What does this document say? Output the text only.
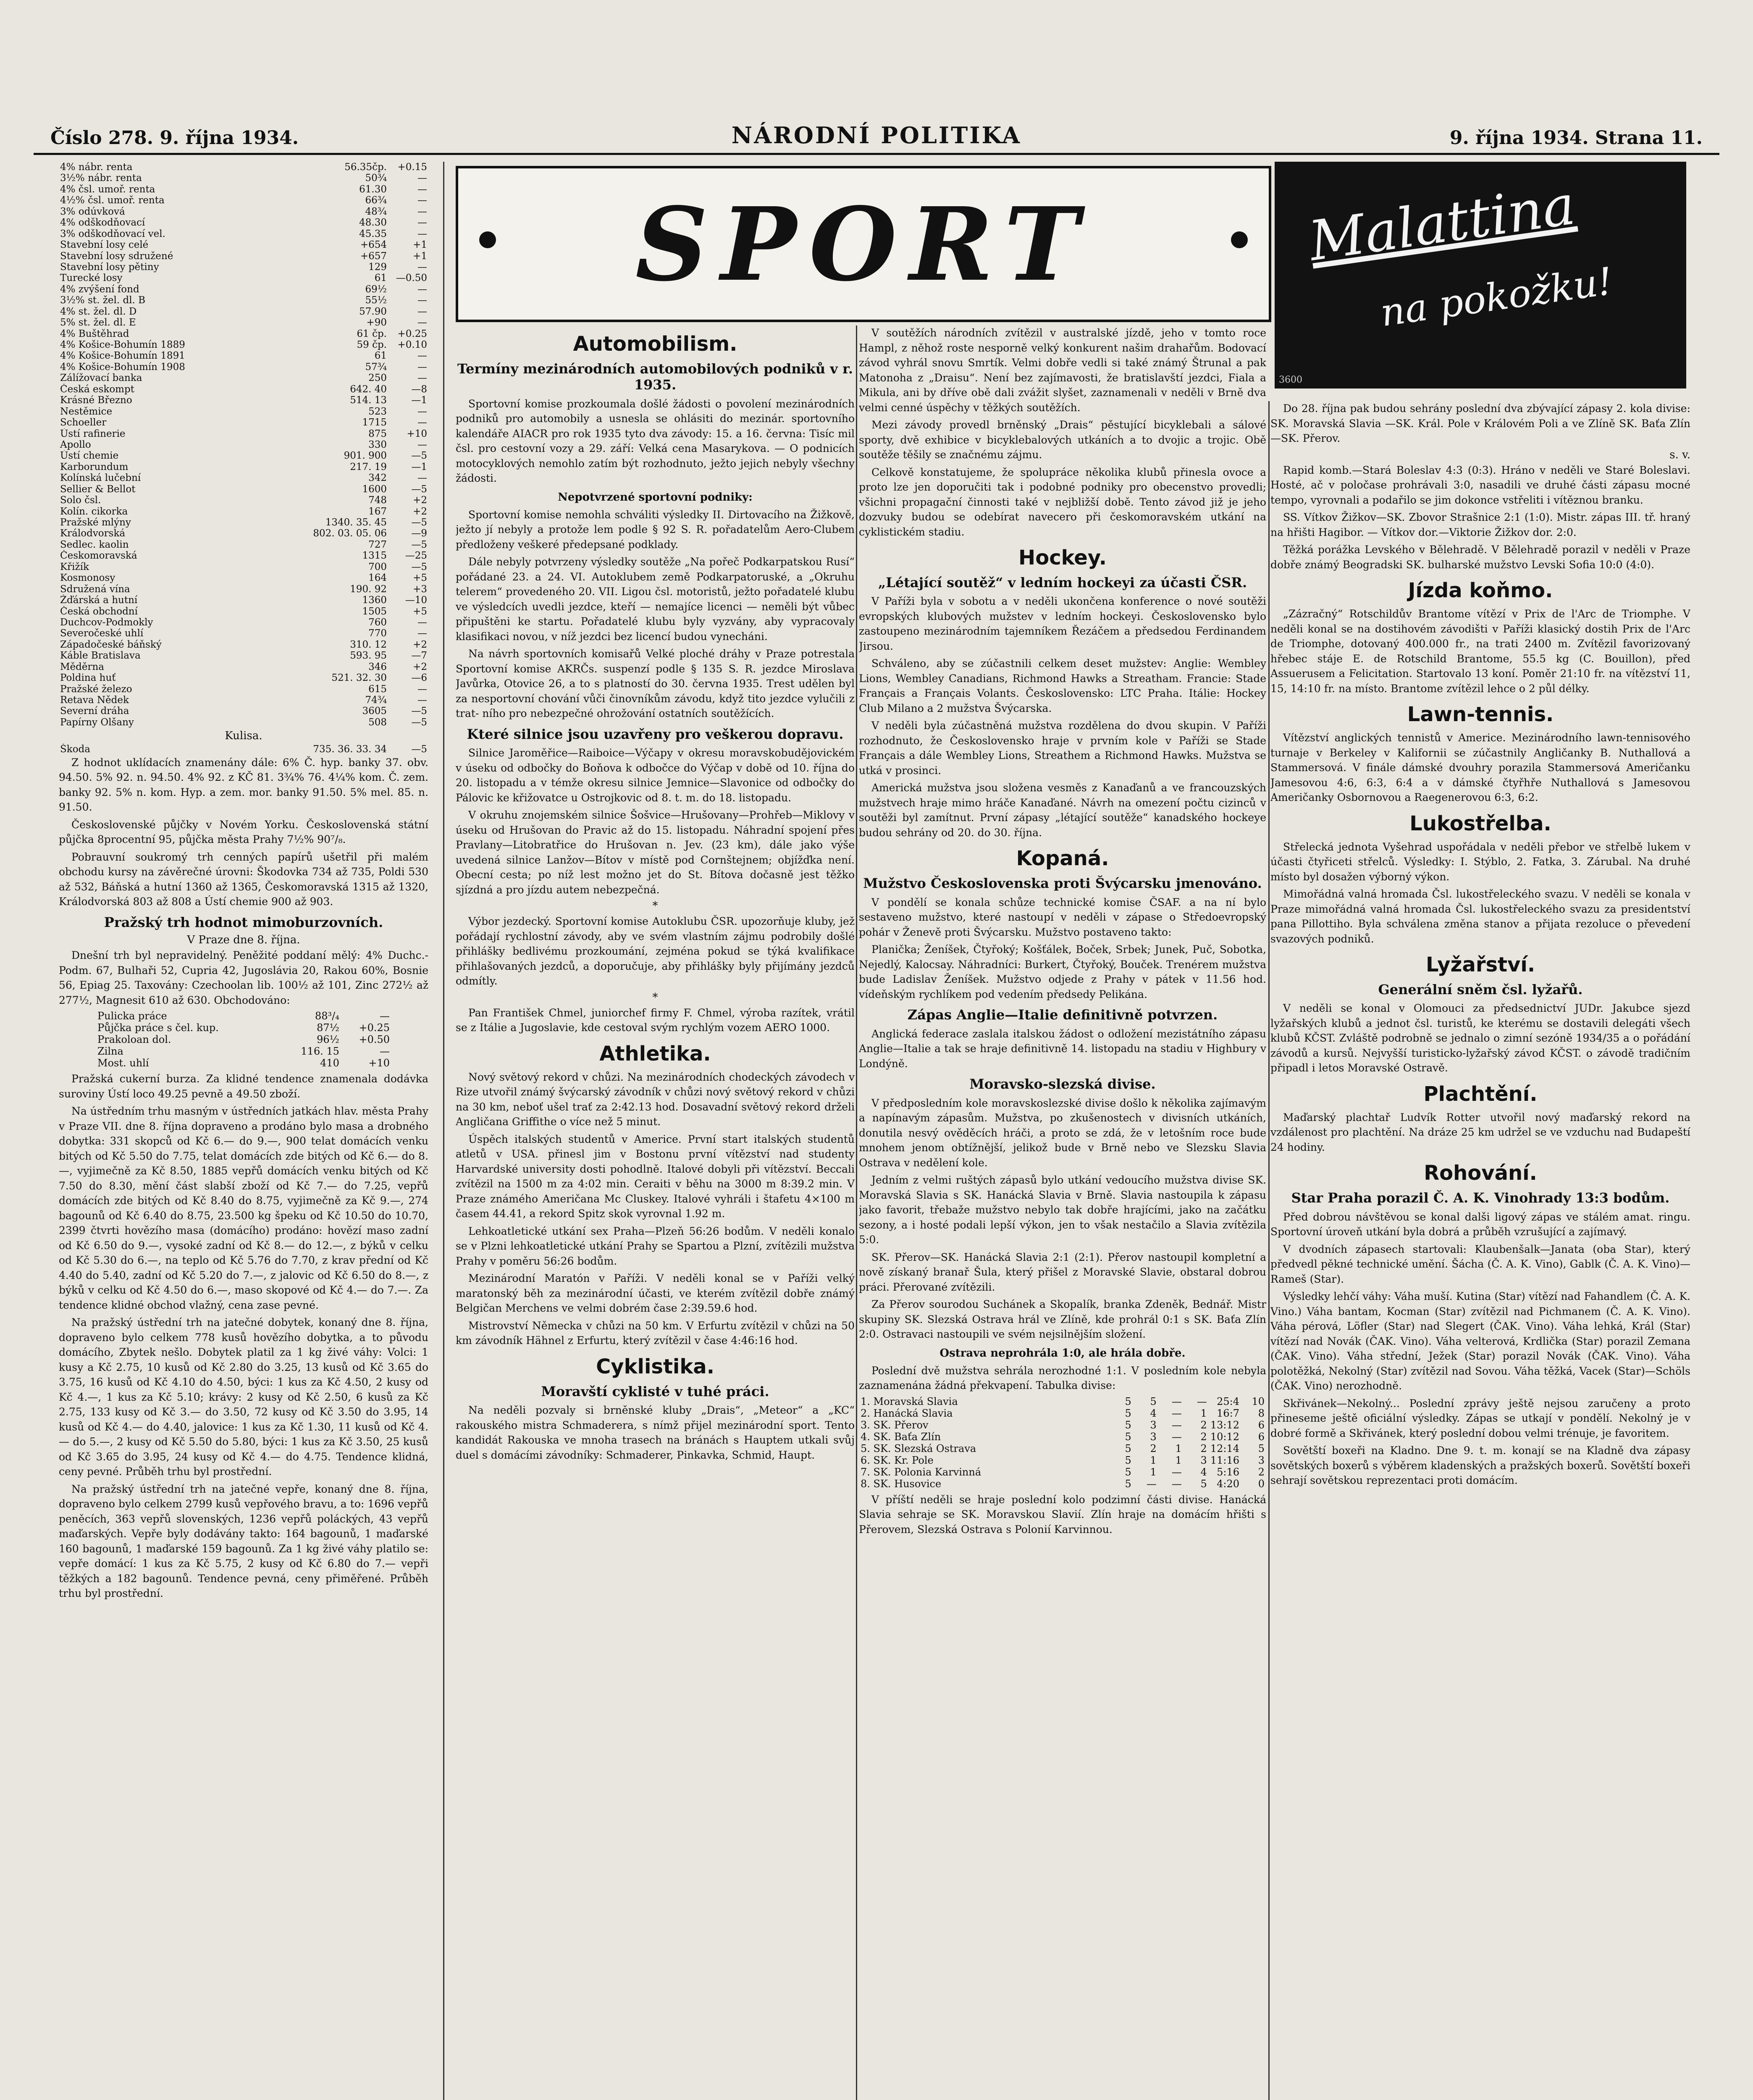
Číslo 278. 9. října 1934.	NÁRODNÍ POLITIKA	9. října 1934. Strana 11.
4% nábr. renta	56.35čp.	+0.15
3½% nábr. renta	50¾	—
4% čsl. umoř. renta	61.30	—
4½% čsl. umoř. renta	66¾	—
3% odúvková	48¾	—
4% odškodňovací	48.30	—
3% odškodňovací vel.	45.35	—
Stavební losy celé	+654	+1
Stavební losy sdružené	+657	+1
Stavební losy pětiny	129	—
Turecké losy	61	—0.50
4% zvýšení fond	69½	—
3½% st. žel. dl. B	55½	—
4% st. žel. dl. D	57.90	—
5% st. žel. dl. E	+90	—
4% Buštěhrad	61 čp.	+0.25
4% Košice-Bohumín 1889	59 čp.	+0.10
4% Košice-Bohumín 1891	61	—
4% Košice-Bohumín 1908	57¾	—
Zálížovací banka	250	—
Česká eskompt	642. 40	—8
Krásné Březno	514. 13	—1
Nestěmice	523	—
Schoeller	1715	—
Ústí rafinerie	875	+10
Apollo	330	—
Ústí chemie	901. 900	—5
Karborundum	217. 19	—1
Kolínská lučební	342	—
Sellier & Bellot	1600	—5
Solo čsl.	748	+2
Kolín. cikorka	167	+2
Pražské mlýny	1340. 35. 45	—5
Králodvorská	802. 03. 05. 06	—9
Sedlec. kaolin	727	—5
Českomoravská	1315	—25
Křižík	700	—5
Kosmonosy	164	+5
Sdružená vína	190. 92	+3
Žďárská a hutní	1360	—10
Česká obchodní	1505	+5
Duchcov-Podmokly	760	—
Severočeské uhlí	770	—
Západočeské báňský	310. 12	+2
Káble Bratislava	593. 95	—7
Měděrna	346	+2
Poldina huť	521. 32. 30	—6
Pražské železo	615	—
Retava Nědek	74¾	—
Severní dráha	3605	—5
Papírny Olšany	508	—5
Kulisa.
Škoda	735. 36. 33. 34	—5

Z hodnot uklídacích znamenány dále: 6% Č. hyp. banky 37. obv. 94.50. 5% 92. n. 94.50. 4% 92. z KČ 81. 3¾% 76. 4¼% kom. Č. zem. banky 92. 5% n. kom. Hyp. a zem. mor. banky 91.50. 5% mel. 85. n. 91.50.

Československé půjčky v Novém Yorku. Československá státní půjčka 8procentní 95, půjčka města Prahy 7½% 90⁷/₈.

Pobrauvní soukromý trh cenných papírů ušetřil při malém obchodu kursy na závěrečné úrovni: Škodovka 734 až 735, Poldi 530 až 532, Báňská a hutní 1360 až 1365, Českomoravská 1315 až 1320, Králodvorská 803 až 808 a Ústí chemie 900 až 903.

Pražský trh hodnot mimoburzovních.
V Praze dne 8. října.

Dnešní trh byl nepravidelný. Peněžité poddaní mělý: 4% Duchc.-Podm. 67, Bulhaři 52, Cupria 42, Jugoslávia 20, Rakou 60%, Bosnie 56, Epiag 25. Taxovány: Czechoolan lib. 100½ až 101, Zinc 272½ až 277½, Magnesit 610 až 630. Obchodováno:

Pulicka práce	88³/₄	—
Půjčka práce s čel. kup.	87½	+0.25
Prakoloan dol.	96½	+0.50
Zilna	116. 15	—
Most. uhlí	410	+10

Pražská cukerní burza. Za klidné tendence znamenala dodávka suroviny Ústí loco 49.25 pevně a 49.50 zboží.

Na ústředním trhu masným v ústředních jatkách hlav. města Prahy v Praze VII. dne 8. října dopraveno a prodáno bylo masa a drobného dobytka: 331 skopců od Kč 6.— do 9.—, 900 telat domácích venku bitých od Kč 5.50 do 7.75, telat domácích zde bitých od Kč 6.— do 8.—, vyjimečně za Kč 8.50, 1885 vepřů domácích venku bitých od Kč 7.50 do 8.30, mění část slabší zboží od Kč 7.— do 7.25, vepřů domácích zde bitých od Kč 8.40 do 8.75, vyjimečně za Kč 9.—, 274 bagounů od Kč 6.40 do 8.75, 23.500 kg špeku od Kč 10.50 do 10.70, 2399 čtvrti hovězího masa (domácího) prodáno: hovězí maso zadní od Kč 6.50 do 9.—, vysoké zadní od Kč 8.— do 12.—, z býků v celku od Kč 5.30 do 6.—, na teplo od Kč 5.76 do 7.70, z krav přední od Kč 4.40 do 5.40, zadní od Kč 5.20 do 7.—, z jalovic od Kč 6.50 do 8.—, z býků v celku od Kč 4.50 do 6.—, maso skopové od Kč 4.— do 7.—. Za tendence klidné obchod vlažný, cena zase pevné.

Na pražský ústřední trh na jatečné dobytek, konaný dne 8. října, dopraveno bylo celkem 778 kusů hovězího dobytka, a to původu domácího, Zbytek nešlo. Dobytek platil za 1 kg živé váhy: Volci: 1 kusy a Kč 2.75, 10 kusů od Kč 2.80 do 3.25, 13 kusů od Kč 3.65 do 3.75, 16 kusů od Kč 4.10 do 4.50, býci: 1 kus za Kč 4.50, 2 kusy od Kč 4.—, 1 kus za Kč 5.10; krávy: 2 kusy od Kč 2.50, 6 kusů za Kč 2.75, 133 kusy od Kč 3.— do 3.50, 72 kusy od Kč 3.50 do 3.95, 14 kusů od Kč 4.— do 4.40, jalovice: 1 kus za Kč 1.30, 11 kusů od Kč 4.— do 5.—, 2 kusy od Kč 5.50 do 5.80, býci: 1 kus za Kč 3.50, 25 kusů od Kč 3.65 do 3.95, 24 kusy od Kč 4.— do 4.75. Tendence klidná, ceny pevné. Průběh trhu byl prostřední.

Na pražský ústřední trh na jatečné vepře, konaný dne 8. října, dopraveno bylo celkem 2799 kusů vepřového bravu, a to: 1696 vepřů peněcích, 363 vepřů slovenských, 1236 vepřů poláckých, 43 vepřů maďarských. Vepře byly dodávány takto: 164 bagounů, 1 maďarské 160 bagounů, 1 maďarské 159 bagounů. Za 1 kg živé váhy platilo se: vepře domácí: 1 kus za Kč 5.75, 2 kusy od Kč 6.80 do 7.— vepři těžkých a 182 bagounů. Tendence pevná, ceny přiměřené. Průběh trhu byl prostřední.

SPORT	Malattina
na pokožku!
3600
Automobilism.
Termíny mezinárodních automobilových podniků v r. 1935.

Sportovní komise prozkoumala došlé žádosti o povolení mezinárodních podniků pro automobily a usnesla se ohlásiti do mezinár. sportovního kalendáře AIACR pro rok 1935 tyto dva závody: 15. a 16. června: Tisíc mil čsl. pro cestovní vozy a 29. září: Velká cena Masarykova. — O podnicích motocyklových nemohlo zatím být rozhodnuto, ježto jejich nebyly všechny žádosti.

Nepotvrzené sportovní podniky:

Sportovní komise nemohla schváliti výsledky II. Dirtovacího na Žižkově, ježto jí nebyly a protože lem podle § 92 S. R. pořadatelům Aero-Clubem předloženy veškeré předepsané podklady.

Dále nebyly potvrzeny výsledky soutěže „Na pořeč Podkarpatskou Rusí“ pořádané 23. a 24. VI. Autoklubem země Podkarpatoruské, a „Okruhu telerem“ provedeného 20. VII. Ligou čsl. motoristů, ježto pořadatelé klubu ve výsledcích uvedli jezdce, kteří — nemajíce licenci — neměli být vůbec připuštěni ke startu. Pořadatelé klubu byly vyzvány, aby vypracovaly klasifikaci novou, v níž jezdci bez licencí budou vynecháni.

Na návrh sportovních komisařů Velké ploché dráhy v Praze potrestala Sportovní komise AKRČs. suspenzí podle § 135 S. R. jezdce Miroslava Javůrka, Otovice 26, a to s platností do 30. června 1935. Trest udělen byl za nesportovní chování vůči činovníkům závodu, když tito jezdce vylučili z trat- ního pro nebezpečné ohrožování ostatních soutěžících.

Které silnice jsou uzavřeny pro veškerou dopravu.

Silnice Jaroměřice—Raiboice—Výčapy v okresu moravskobudějovickém v úseku od odbočky do Boňova k odbočce do Výčap v době od 10. října do 20. listopadu a v témže okresu silnice Jemnice—Slavonice od odbočky do Pálovic ke křižovatce u Ostrojkovic od 8. t. m. do 18. listopadu.

V okruhu znojemském silnice Šošvice—Hrušovany—Prohřeb—Miklovy v úseku od Hrušovan do Pravic až do 15. listopadu. Náhradní spojení přes Pravlany—Litobratřice do Hrušovan n. Jev. (23 km), dále jako výše uvedená silnice Lanžov—Bítov v místě pod Cornštejnem; objížďka není. Obecní cesta; po níž lest možno jet do St. Bítova dočasně jest těžko sjízdná a pro jízdu autem nebezpečná.

*

Výbor jezdecký. Sportovní komise Autoklubu ČSR. upozorňuje kluby, jež pořádají rychlostní závody, aby ve svém vlastním zájmu podrobily došlé přihlášky bedlivému prozkoumání, zejména pokud se týká kvalifikace přihlašovaných jezdců, a doporučuje, aby přihlášky byly přijímány jezdců odmítly.

*

Pan František Chmel, juniorchef firmy F. Chmel, výroba razítek, vrátil se z Itálie a Jugoslavie, kde cestoval svým rychlým vozem AERO 1000.

Athletika.

Nový světový rekord v chůzi. Na mezinárodních chodeckých závodech v Rize utvořil známý švýcarský závodník v chůzi nový světový rekord v chůzi na 30 km, neboť ušel trať za 2:42.13 hod. Dosavadní světový rekord drželi Angličana Griffithe o více než 5 minut.

Úspěch italských studentů v Americe. První start italských studentů atletů v USA. přinesl jim v Bostonu první vítězství nad studenty Harvardské university dosti pohodlně. Italové dobyli při vítězství. Beccali zvítězil na 1500 m za 4:02 min. Ceraiti v běhu na 3000 m 8:39.2 min. V Praze známého Američana Mc Cluskey. Italové vyhráli i štafetu 4×100 m časem 44.41, a rekord Spitz skok vyrovnal 1.92 m.

Lehkoatletické utkání sex Praha—Plzeň 56:26 bodům. V neděli konalo se v Plzni lehkoatletické utkání Prahy se Spartou a Plzní, zvítězili mužstva Prahy v poměru 56:26 bodům.

Mezinárodní Maratón v Paříži. V neděli konal se v Paříži velký maratonský běh za mezinárodní účasti, ve kterém zvítězil dobře známý Belgičan Merchens ve velmi dobrém čase 2:39.59.6 hod.

Mistrovství Německa v chůzi na 50 km. V Erfurtu zvítězil v chůzi na 50 km závodník Hähnel z Erfurtu, který zvítězil v čase 4:46:16 hod.

Cyklistika.
Moravští cyklisté v tuhé práci.

Na neděli pozvaly si brněnské kluby „Drais“, „Meteor“ a „KC“ rakouského mistra Schmaderera, s nímž přijel mezinárodní sport. Tento kandidát Rakouska ve mnoha trasech na bránách s Hauptem utkali svůj duel s domácími závodníky: Schmaderer, Pinkavka, Schmid, Haupt.

V soutěžích národních zvítězil v australské jízdě, jeho v tomto roce Hampl, z něhož roste nesporně velký konkurent našim drahařům. Bodovací závod vyhrál snovu Smrtík. Velmi dobře vedli si také známý Štrunal a pak Matonoha z „Draisu“. Není bez zajímavosti, že bratislavští jezdci, Fiala a Mikula, ani by dříve obě dali zvážit slyšet, zaznamenali v neděli v Brně dva velmi cenné úspěchy v těžkých soutěžích.

Mezi závody provedl brněnský „Drais“ pěstující bicyklebali a sálové sporty, dvě exhibice v bicyklebalových utkáních a to dvojic a trojic. Obě soutěže těšily se značnému zájmu.

Celkově konstatujeme, že spolupráce několika klubů přinesla ovoce a proto lze jen doporučiti tak i podobné podniky pro obecenstvo provedli; všichni propagační činnosti také v nejbližší době. Tento závod již je jeho dozvuky budou se odebírat navecero při českomoravském utkání na cyklistickém stadiu.

Hockey.
„Létající soutěž“ v ledním hockeyi za účasti ČSR.

V Paříži byla v sobotu a v neděli ukončena konference o nové soutěži evropských klubových mužstev v ledním hockeyi. Československo bylo zastoupeno mezinárodním tajemníkem Řezáčem a předsedou Ferdinandem Jirsou.

Schváleno, aby se zúčastnili celkem deset mužstev: Anglie: Wembley Lions, Wembley Canadians, Richmond Hawks a Streatham. Francie: Stade Français a Français Volants. Československo: LTC Praha. Itálie: Hockey Club Milano a 2 mužstva Švýcarska.

V neděli byla zúčastněná mužstva rozdělena do dvou skupin. V Paříži rozhodnuto, že Československo hraje v prvním kole v Paříži se Stade Français a dále Wembley Lions, Streathem a Richmond Hawks. Mužstva se utká v prosinci.

Americká mužstva jsou složena vesměs z Kanaďanů a ve francouzských mužstvech hraje mimo hráče Kanaďané. Návrh na omezení počtu cizinců v soutěži byl zamítnut. První zápasy „létající soutěže“ kanadského hockeye budou sehrány od 20. do 30. října.

Kopaná.
Mužstvo Československa proti Švýcarsku jmenováno.

V pondělí se konala schůze technické komise ČSAF. a na ní bylo sestaveno mužstvo, které nastoupí v neděli v zápase o Středoevropský pohár v Ženevě proti Švýcarsku. Mužstvo postaveno takto:

Planička; Ženíšek, Čtyřoký; Košťálek, Boček, Srbek; Junek, Puč, Sobotka, Nejedlý, Kalocsay. Náhradníci: Burkert, Čtyřoký, Bouček. Trenérem mužstva bude Ladislav Ženíšek. Mužstvo odjede z Prahy v pátek v 11.56 hod. vídeňským rychlíkem pod vedením předsedy Pelikána.

Zápas Anglie—Italie definitivně potvrzen.

Anglická federace zaslala italskou žádost o odložení mezistátního zápasu Anglie—Italie a tak se hraje definitivně 14. listopadu na stadiu v Highbury v Londýně.

Moravsko-slezská divise.

V předposledním kole moravskoslezské divise došlo k několika zajímavým a napínavým zápasům. Mužstva, po zkušenostech v divisních utkáních, donutila nesvý ověděcích hráči, a proto se zdá, že v letošním roce bude mnohem jenom obtížnější, jelikož bude v Brně nebo ve Slezsku Slavia Ostrava v nedělení kole.

Jedním z velmi ruštých zápasů bylo utkání vedoucího mužstva divise SK. Moravská Slavia s SK. Hanácká Slavia v Brně. Slavia nastoupila k zápasu jako favorit, třebaže mužstvo nebylo tak dobře hrajícími, jako na začátku sezony, a i hosté podali lepší výkon, jen to však nestačilo a Slavia zvítězila 5:0.

SK. Přerov—SK. Hanácká Slavia 2:1 (2:1). Přerov nastoupil kompletní a nově získaný branař Šula, který přišel z Moravské Slavie, obstaral dobrou práci. Přerované zvítězili.

Za Přerov sourodou Suchánek a Skopalík, branka Zdeněk, Bednář. Mistr skupiny SK. Slezská Ostrava hrál ve Zlíně, kde prohrál 0:1 s SK. Baťa Zlín 2:0. Ostravaci nastoupili ve svém nejsilnějším složení.

Ostrava neprohrála 1:0, ale hrála dobře.

Poslední dvě mužstva sehrála nerozhodné 1:1. V posledním kole nebyla zaznamenána žádná překvapení. Tabulka divise:

1. Moravská Slavia	5	5	—	—	25:4	10
2. Hanácká Slavia	5	4	—	1	16:7	8
3. SK. Přerov	5	3	—	2	13:12	6
4. SK. Baťa Zlín	5	3	—	2	10:12	6
5. SK. Slezská Ostrava	5	2	1	2	12:14	5
6. SK. Kr. Pole	5	1	1	3	11:16	3
7. SK. Polonia Karvinná	5	1	—	4	5:16	2
8. SK. Husovice	5	—	—	5	4:20	0

V příští neděli se hraje poslední kolo podzimní části divise. Hanácká Slavia sehraje se SK. Moravskou Slavií. Zlín hraje na domácím hřišti s Přerovem, Slezská Ostrava s Polonií Karvinnou.

Do 28. října pak budou sehrány poslední dva zbývající zápasy 2. kola divise: SK. Moravská Slavia —SK. Král. Pole v Královém Poli a ve Zlíně SK. Baťa Zlín—SK. Přerov.

s. v.

Rapid komb.—Stará Boleslav 4:3 (0:3). Hráno v neděli ve Staré Boleslavi. Hosté, ač v poločase prohrávali 3:0, nasadili ve druhé části zápasu mocné tempo, vyrovnali a podařilo se jim dokonce vstřeliti i vítěznou branku.

SS. Vítkov Žižkov—SK. Zbovor Strašnice 2:1 (1:0). Mistr. zápas III. tř. hraný na hřišti Hagibor. — Vítkov dor.—Viktorie Žižkov dor. 2:0.

Těžká porážka Levského v Bělehradě. V Bělehradě porazil v neděli v Praze dobře známý Beogradski SK. bulharské mužstvo Levski Sofia 10:0 (4:0).

Jízda koňmo.

„Zázračný“ Rotschildův Brantome vítězí v Prix de l'Arc de Triomphe. V neděli konal se na dostihovém závodišti v Paříži klasický dostih Prix de l'Arc de Triomphe, dotovaný 400.000 fr., na trati 2400 m. Zvítězil favorizovaný hřebec stáje E. de Rotschild Brantome, 55.5 kg (C. Bouillon), před Assuerusem a Felicitation. Startovalo 13 koní. Poměr 21:10 fr. na vítězství 11, 15, 14:10 fr. na místo. Brantome zvítězil lehce o 2 půl délky.

Lawn-tennis.

Vítězství anglických tennistů v Americe. Mezinárodního lawn-tennisového turnaje v Berkeley v Kalifornii se zúčastnily Angličanky B. Nuthallová a Stammersová. V finále dámské dvouhry porazila Stammersová Američanku Jamesovou 4:6, 6:3, 6:4 a v dámské čtyřhře Nuthallová s Jamesovou Američanky Osbornovou a Raegenerovou 6:3, 6:2.

Lukostřelba.

Střelecká jednota Vyšehrad uspořádala v neděli přebor ve střelbě lukem v účasti čtyřiceti střelců. Výsledky: I. Stýblo, 2. Fatka, 3. Zárubal. Na druhé místo byl dosažen výborný výkon.

Mimořádná valná hromada Čsl. lukostřeleckého svazu. V neděli se konala v Praze mimořádná valná hromada Čsl. lukostřeleckého svazu za presidentství pana Pillottiho. Byla schválena změna stanov a přijata rezoluce o převedení svazových podniků.

Lyžařství.
Generální sněm čsl. lyžařů.

V neděli se konal v Olomouci za předsednictví JUDr. Jakubce sjezd lyžařských klubů a jednot čsl. turistů, ke kterému se dostavili delegáti všech klubů KČST. Zvláště podrobně se jednalo o zimní sezóně 1934/35 a o pořádání závodů a kursů. Nejvyšší turisticko-lyžařský závod KČST. o závodě tradičním připadl i letos Moravské Ostravě.

Plachtění.

Maďarský plachtař Ludvík Rotter utvořil nový maďarský rekord na vzdálenost pro plachtění. Na dráze 25 km udržel se ve vzduchu nad Budapeští 24 hodiny.

Rohování.
Star Praha porazil Č. A. K. Vinohrady 13:3 bodům.

Před dobrou návštěvou se konal dalši ligový zápas ve stálém amat. ringu. Sportovní úroveň utkání byla dobrá a průběh vzrušující a zajímavý.

V dvodních zápasech startovali: Klaubenšalk—Janata (oba Star), který předvedl pěkné technické umění. Šácha (Č. A. K. Vino), Gablk (Č. A. K. Vino)—Rameš (Star).

Výsledky lehčí váhy: Váha muší. Kutina (Star) vítězí nad Fahandlem (Č. A. K. Vino.) Váha bantam, Kocman (Star) zvítězil nad Pichmanem (Č. A. K. Vino). Váha pérová, Löfler (Star) nad Slegert (ČAK. Vino). Váha lehká, Král (Star) vítězí nad Novák (ČAK. Vino). Váha velterová, Krdlička (Star) porazil Zemana (ČAK. Vino). Váha střední, Ježek (Star) porazil Novák (ČAK. Vino). Váha polotěžká, Nekolný (Star) zvítězil nad Sovou. Váha těžká, Vacek (Star)—Schöls (ČAK. Vino) nerozhodně.

Skřivánek—Nekolný... Poslední zprávy ještě nejsou zaručeny a proto přineseme ještě oficiální výsledky. Zápas se utkají v pondělí. Nekolný je v dobré formě a Skřivánek, který poslední dobou velmi trénuje, je favoritem.

Sovětští boxeři na Kladno. Dne 9. t. m. konají se na Kladně dva zápasy sovětských boxerů s výběrem kladenských a pražských boxerů. Sovětští boxeři sehrají sovětskou reprezentaci proti domácím.
